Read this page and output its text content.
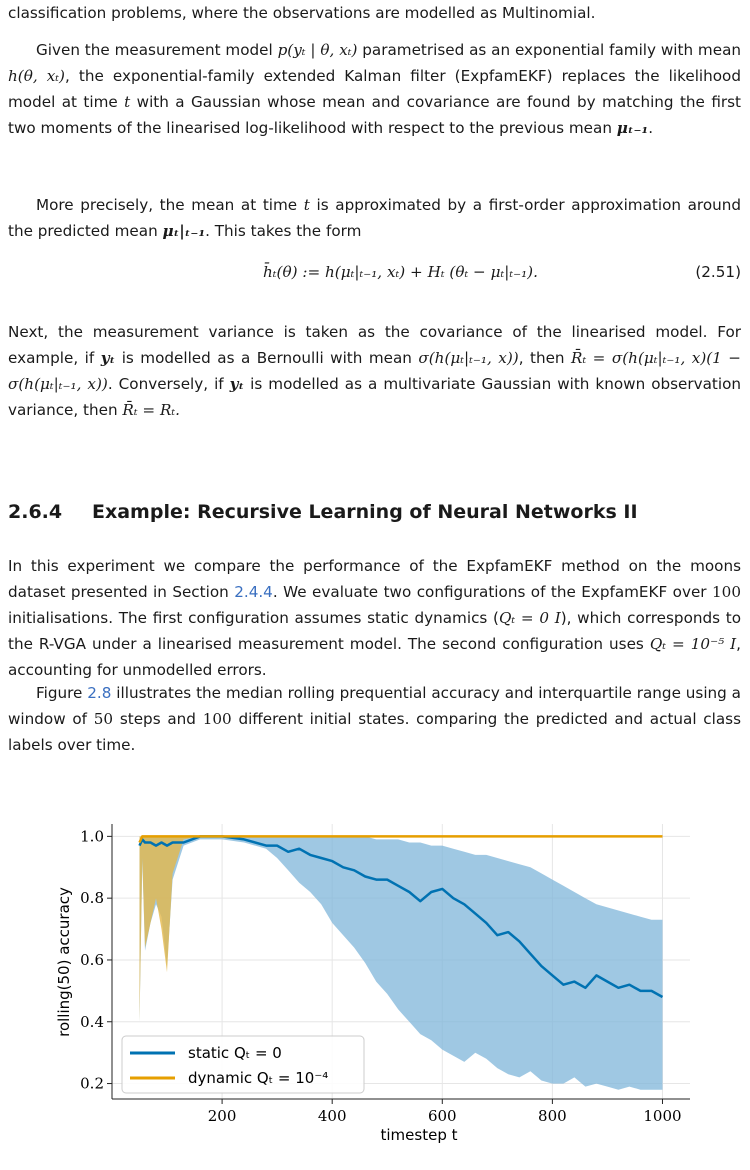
classification problems, where the observations are modelled as Multinomial.

Given the measurement model p(yₜ | θ, xₜ) parametrised as an exponential family with mean h(θ, xₜ), the exponential-family extended Kalman filter (ExpfamEKF) replaces the likelihood model at time t with a Gaussian whose mean and covariance are found by matching the first two moments of the linearised log-likelihood with respect to the previous mean μₜ₋₁.

More precisely, the mean at time t is approximated by a first-order approximation around the predicted mean μₜ|ₜ₋₁. This takes the form

h̄ₜ(θ) := h(μₜ|ₜ₋₁, xₜ) + Hₜ (θₜ − μₜ|ₜ₋₁).	(2.51)

Next, the measurement variance is taken as the covariance of the linearised model. For example, if yₜ is modelled as a Bernoulli with mean σ(h(μₜ|ₜ₋₁, x)), then R̄ₜ = σ(h(μₜ|ₜ₋₁, x)(1 − σ(h(μₜ|ₜ₋₁, x)). Conversely, if yₜ is modelled as a multivariate Gaussian with known observation variance, then R̄ₜ = Rₜ.

2.6.4 Example: Recursive Learning of Neural Networks II

In this experiment we compare the performance of the ExpfamEKF method on the moons dataset presented in Section 2.4.4. We evaluate two configurations of the ExpfamEKF over 100 initialisations. The first configuration assumes static dynamics (Qₜ = 0 I), which corresponds to the R-VGA under a linearised measurement model. The second configuration uses Qₜ = 10⁻⁵ I, accounting for unmodelled errors.

Figure 2.8 illustrates the median rolling prequential accuracy and interquartile range using a window of 50 steps and 100 different initial states. comparing the predicted and actual class labels over time.

200	400	600	800	1000
0.2
0.4
0.6
0.8
1.0
timestep t
rolling(50) accuracy
static Qₜ = 0
dynamic Qₜ = 10⁻⁴
